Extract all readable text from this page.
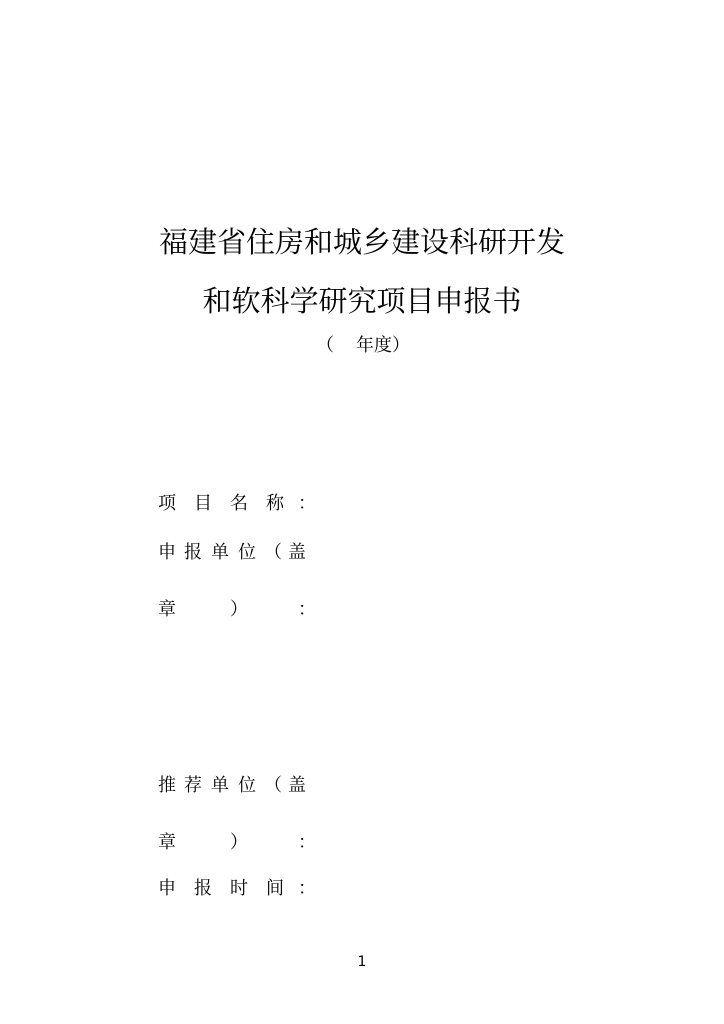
福建省住房和城乡建设科研开发
和软科学研究项目申报书
（ 年度）
项 目 名 称 ：
申 报 单 位 （ 盖
章	）	：
推 荐 单 位 （ 盖
章	）	：
申 报 时 间 ：
1
